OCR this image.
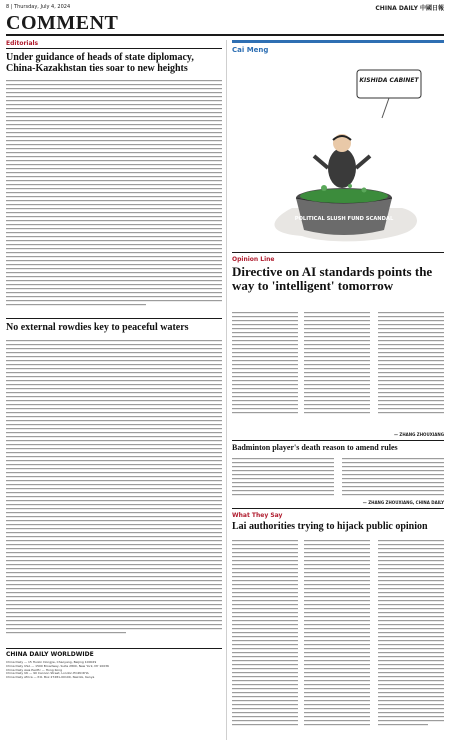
8 | Thursday, July 4, 2024	CHINA DAILY 中國日報
COMMENT
Editorials
Under guidance of heads of state diplomacy, China-Kazakhstan ties soar to new heights
No external rowdies key to peaceful waters
CHINA DAILY WORLDWIDE
China Daily — 15 Huixin Dongjie, Chaoyang, Beijing 100029
China Daily USA — 1500 Broadway, Suite 2800, New York, NY 10036
China Daily Asia Pacific — Hong Kong
China Daily UK — 90 Cannon Street, London EC4N 6HA
China Daily Africa — P.O. Box 27281-00100, Nairobi, Kenya
Cai Meng
KISHIDA CABINET
POLITICAL SLUSH FUND SCANDAL
Opinion Line
Directive on AI standards points the way to 'intelligent' tomorrow
— ZHANG ZHOUXIANG
Badminton player's death reason to amend rules
— ZHANG ZHOUXIANG, CHINA DAILY
What They Say
Lai authorities trying to hijack public opinion
